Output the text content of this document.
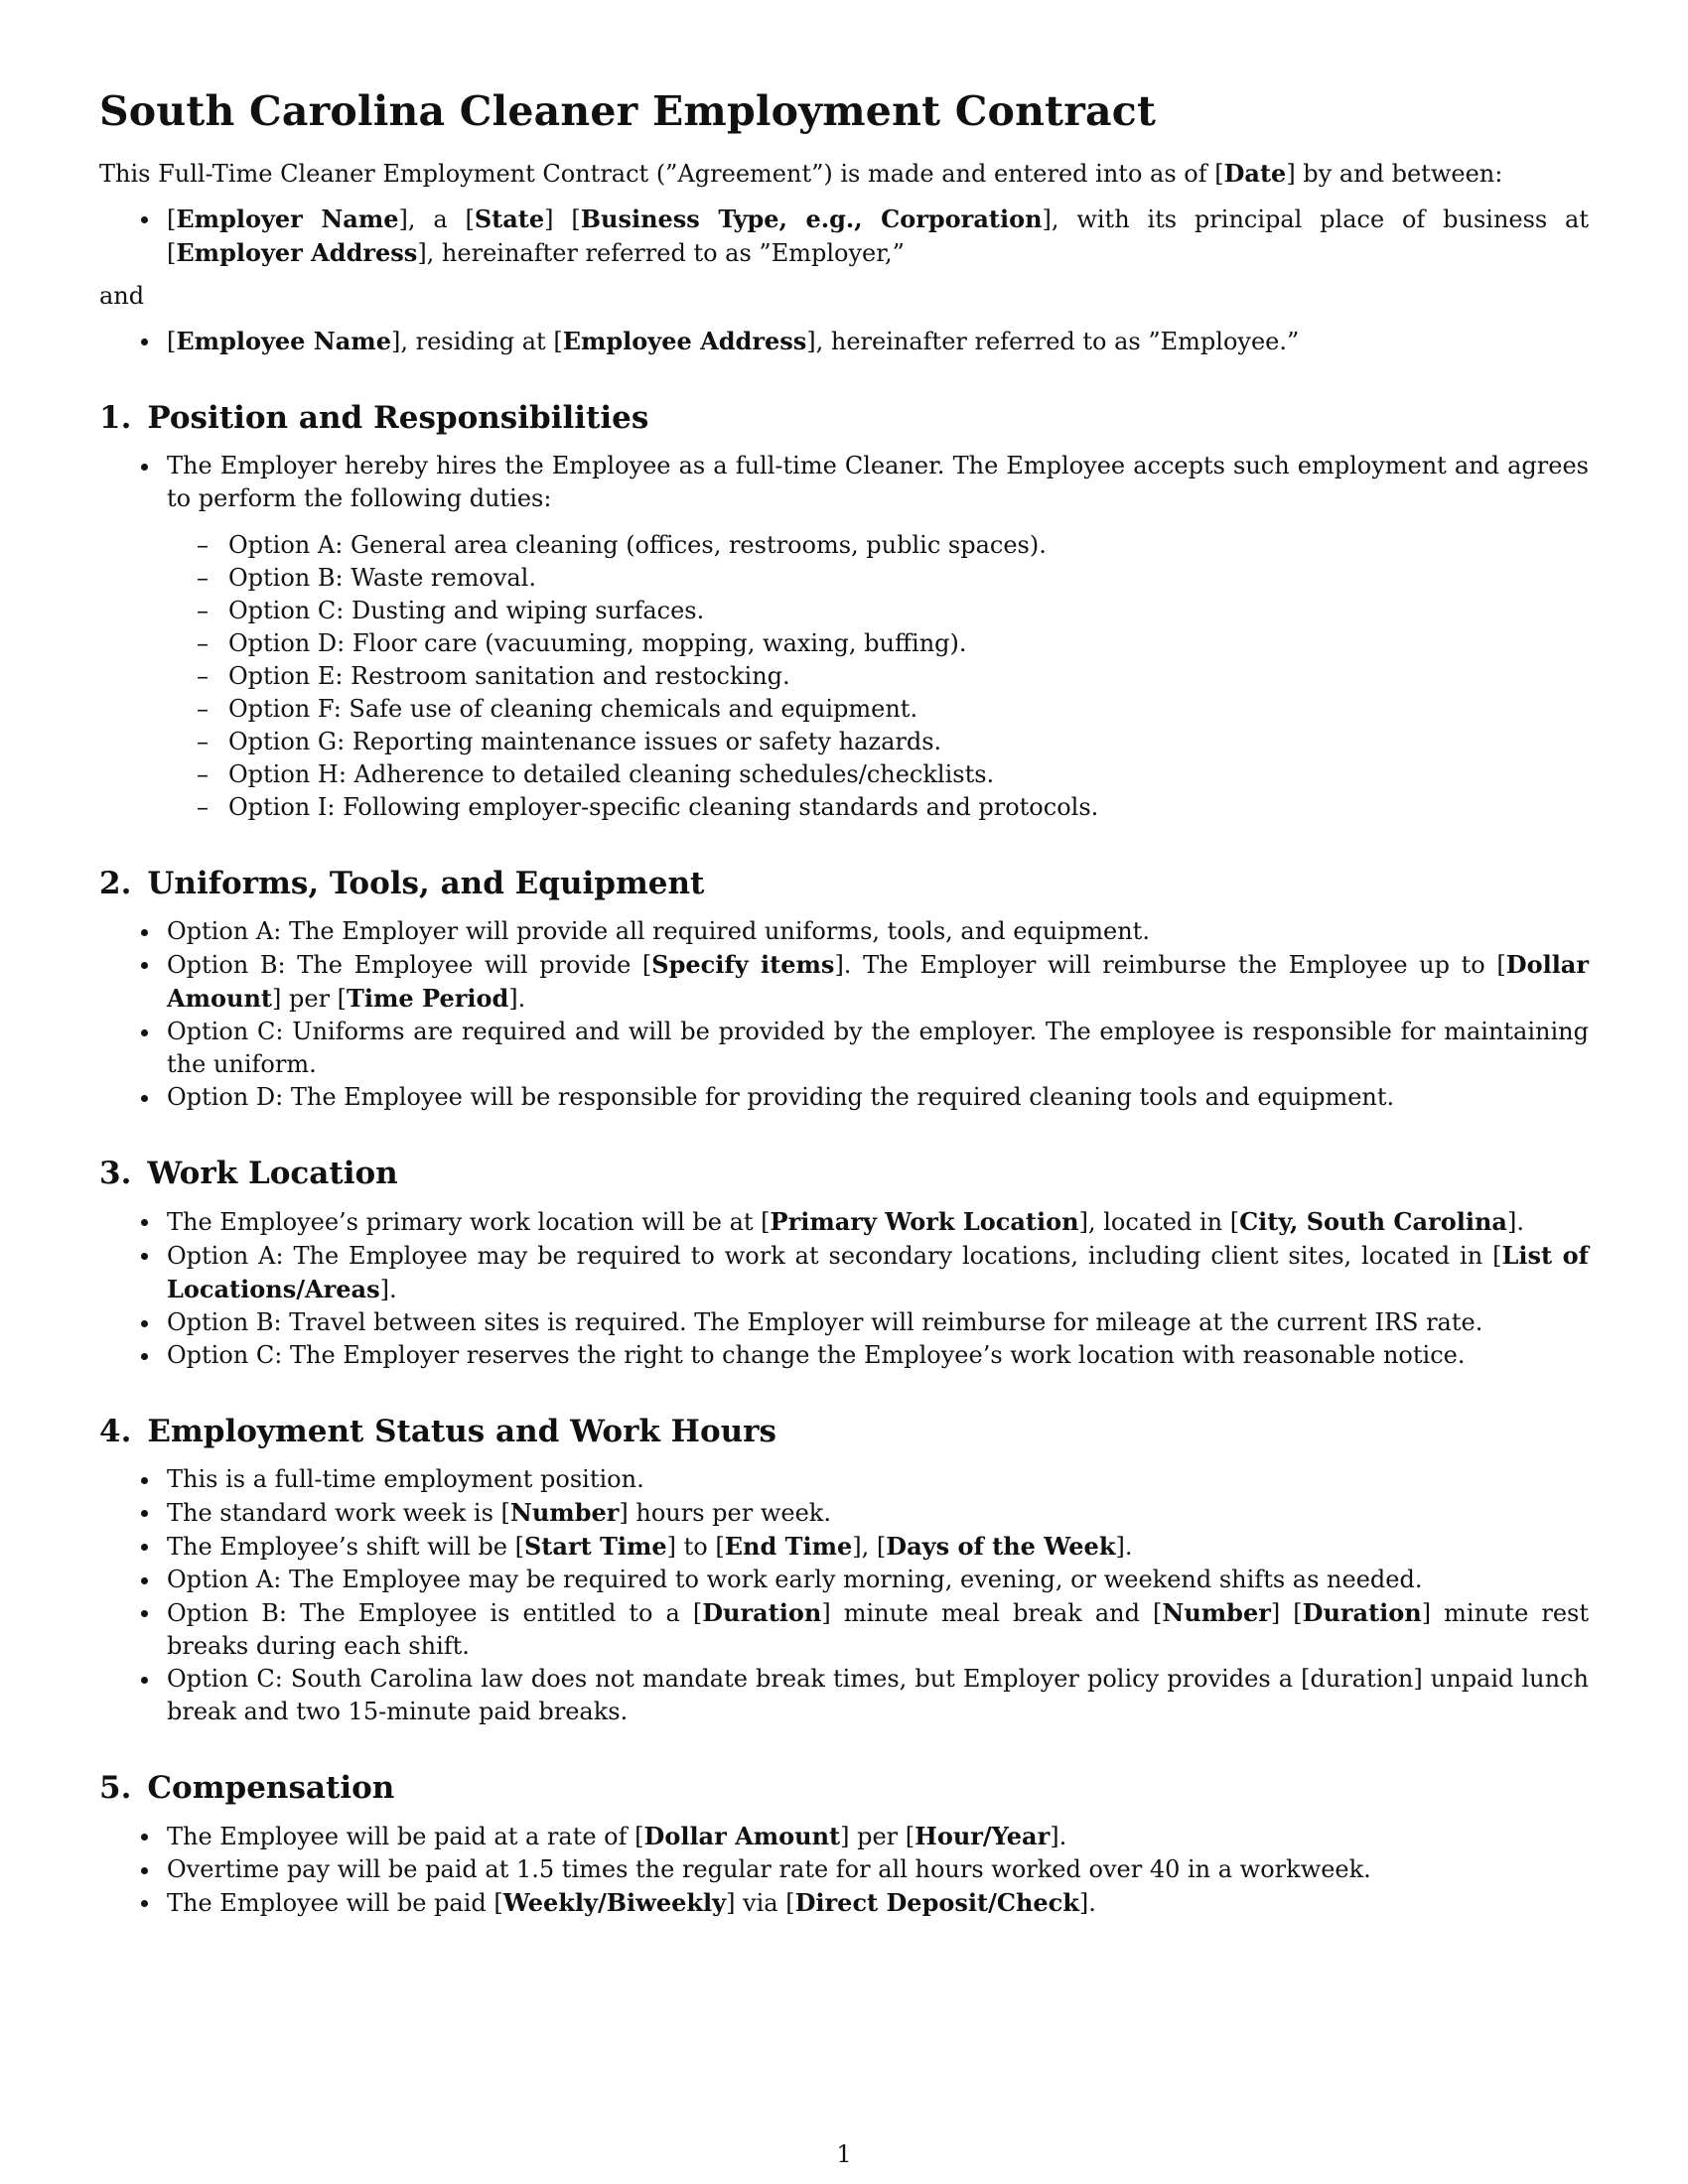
South Carolina Cleaner Employment Contract

This Full-Time Cleaner Employment Contract (”Agreement”) is made and entered into as of [Date] by and between:

[Employer Name], a [State] [Business Type, e.g., Corporation], with its principal place of business at [Employer Address], hereinafter referred to as ”Employer,”

and

[Employee Name], residing at [Employee Address], hereinafter referred to as ”Employee.”
1. Position and Responsibilities
The Employer hereby hires the Employee as a full-time Cleaner. The Employee accepts such employment and agrees to perform the following duties:
– Option A: General area cleaning (offices, restrooms, public spaces).
– Option B: Waste removal.
– Option C: Dusting and wiping surfaces.
– Option D: Floor care (vacuuming, mopping, waxing, buffing).
– Option E: Restroom sanitation and restocking.
– Option F: Safe use of cleaning chemicals and equipment.
– Option G: Reporting maintenance issues or safety hazards.
– Option H: Adherence to detailed cleaning schedules/checklists.
– Option I: Following employer-specific cleaning standards and protocols.
2. Uniforms, Tools, and Equipment
Option A: The Employer will provide all required uniforms, tools, and equipment.
Option B: The Employee will provide [Specify items]. The Employer will reimburse the Employee up to [Dollar Amount] per [Time Period].
Option C: Uniforms are required and will be provided by the employer. The employee is responsible for maintaining the uniform.
Option D: The Employee will be responsible for providing the required cleaning tools and equipment.
3. Work Location
The Employee’s primary work location will be at [Primary Work Location], located in [City, South Carolina].
Option A: The Employee may be required to work at secondary locations, including client sites, located in [List of Locations/Areas].
Option B: Travel between sites is required. The Employer will reimburse for mileage at the current IRS rate.
Option C: The Employer reserves the right to change the Employee’s work location with reasonable notice.
4. Employment Status and Work Hours
This is a full-time employment position.
The standard work week is [Number] hours per week.
The Employee’s shift will be [Start Time] to [End Time], [Days of the Week].
Option A: The Employee may be required to work early morning, evening, or weekend shifts as needed.
Option B: The Employee is entitled to a [Duration] minute meal break and [Number] [Duration] minute rest breaks during each shift.
Option C: South Carolina law does not mandate break times, but Employer policy provides a [duration] unpaid lunch break and two 15-minute paid breaks.
5. Compensation
The Employee will be paid at a rate of [Dollar Amount] per [Hour/Year].
Overtime pay will be paid at 1.5 times the regular rate for all hours worked over 40 in a workweek.
The Employee will be paid [Weekly/Biweekly] via [Direct Deposit/Check].
1
